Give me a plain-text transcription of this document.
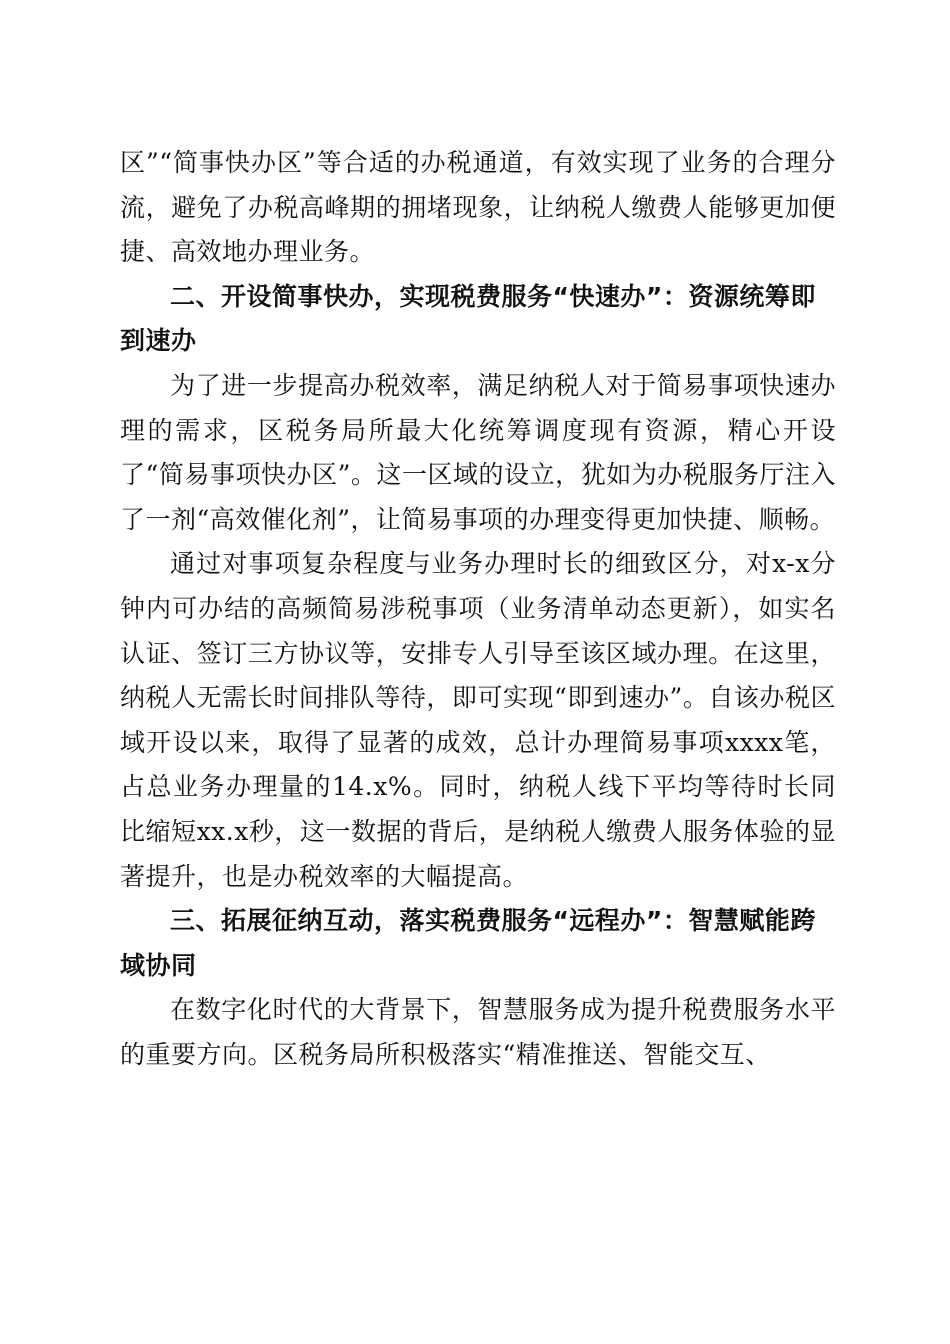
区”“简事快办区”等合适的办税通道，有效实现了业务的合理分流，避免了办税高峰期的拥堵现象，让纳税人缴费人能够更加便捷、高效地办理业务。

二、开设简事快办，实现税费服务“快速办”：资源统筹即到速办

为了进一步提高办税效率，满足纳税人对于简易事项快速办理的需求，区税务局所最大化统筹调度现有资源，精心开设了“简易事项快办区”。这一区域的设立，犹如为办税服务厅注入了一剂“高效催化剂”，让简易事项的办理变得更加快捷、顺畅。

通过对事项复杂程度与业务办理时长的细致区分，对x-x分钟内可办结的高频简易涉税事项（业务清单动态更新），如实名认证、签订三方协议等，安排专人引导至该区域办理。在这里，纳税人无需长时间排队等待，即可实现“即到速办”。自该办税区域开设以来，取得了显著的成效，总计办理简易事项xxxx笔，占总业务办理量的14.x%。同时，纳税人线下平均等待时长同比缩短xx.x秒，这一数据的背后，是纳税人缴费人服务体验的显著提升，也是办税效率的大幅提高。

三、拓展征纳互动，落实税费服务“远程办”：智慧赋能跨域协同

在数字化时代的大背景下，智慧服务成为提升税费服务水平的重要方向。区税务局所积极落实“精准推送、智能交互、
